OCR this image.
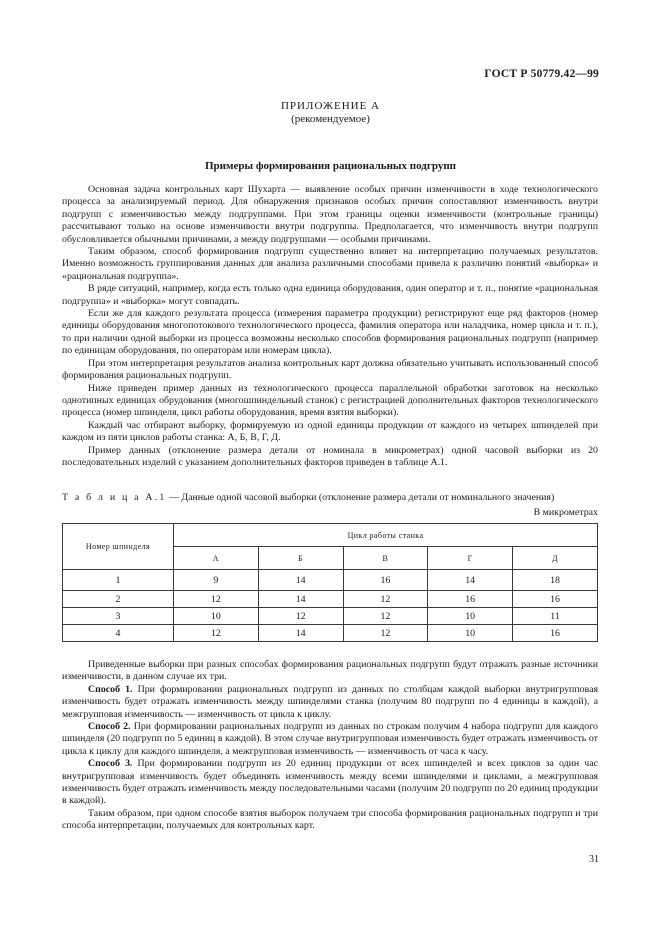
ГОСТ Р 50779.42—99
ПРИЛОЖЕНИЕ А
(рекомендуемое)
Примеры формирования рациональных подгрупп

Основная задача контрольных карт Шухарта — выявление особых причин изменчивости в ходе технологического процесса за анализируемый период. Для обнаружения признаков особых причин сопоставляют изменчивость внутри подгрупп с изменчивостью между подгруппами. При этом границы оценки изменчивости (контрольные границы) рассчитывают только на основе изменчивости внутри подгруппы. Предполагается, что изменчивость внутри подгрупп обусловливается обычными причинами, а между подгруппами — особыми причинами.

Таким образом, способ формирования подгрупп существенно влияет на интерпретацию получаемых результатов. Именно возможность группирования данных для анализа различными способами привела к различию понятий «выборка» и «рациональная подгруппа».

В ряде ситуаций, например, когда есть только одна единица оборудования, один оператор и т. п., понятие «рациональная подгруппа» и «выборка» могут совпадать.

Если же для каждого результата процесса (измерения параметра продукции) регистрируют еще ряд факторов (номер единицы оборудования многопотокового технологического процесса, фамилия оператора или наладчика, номер цикла и т. п.), то при наличии одной выборки из процесса возможны несколько способов формирования рациональных подгрупп (например по единицам оборудования, по операторам или номерам цикла).

При этом интерпретация результатов анализа контрольных карт должна обязательно учитывать использованный способ формирования рациональных подгрупп.

Ниже приведен пример данных из технологического процесса параллельной обработки заготовок на несколько однотипных единицах обрудования (многошпиндельный станок) с регистрацией дополнительных факторов технологического процесса (номер шпинделя, цикл работы оборудования, время взятия выборки).

Каждый час отбирают выборку, формируемую из одной единицы продукции от каждого из четырех шпинделей при каждом из пяти циклов работы станка: А, Б, В, Г, Д.

Пример данных (отклонение размера детали от номинала в микрометрах) одной часовой выборки из 20 последовательных изделий с указанием дополнительных факторов приведен в таблице А.1.

Т а б л и ц а А.1 — Данные одной часовой выборки (отклонение размера детали от номинального значения)
В микрометрах
Номер шпинделя	Цикл работы станка				
	А	Б	В	Г	Д
1	9	14	16	14	18
2	12	14	12	16	16
3	10	12	12	10	11
4	12	14	12	10	16

Приведенные выборки при разных способах формирования рациональных подгрупп будут отражать разные источники изменчивости, в данном случае их три.

Способ 1. При формировании рациональных подгрупп из данных по столбцам каждой выборки внутригрупповая изменчивость будет отражать изменчивость между шпинделями станка (получим 80 подгрупп по 4 единицы в каждой), а межгрупповая изменчивость — изменчивость от цикла к циклу.

Способ 2. При формировании рациональных подгрупп из данных по строкам получим 4 набора подгрупп для каждого шпинделя (20 подгрупп по 5 единиц в каждой). В этом случае внутригрупповая изменчивость будет отражать изменчивость от цикла к циклу для каждого шпинделя, а межгрупповая изменчивость — изменчивость от часа к часу.

Способ 3. При формировании подгрупп из 20 единиц продукции от всех шпинделей и всех циклов за один час внутригрупповая изменчивость будет объединять изменчивость между всеми шпинделями и циклами, а межгрупповая изменчивость будет отражать изменчивость между последовательными часами (получим 20 подгрупп по 20 единиц продукции в каждой).

Таким образом, при одном способе взятия выборок получаем три способа формирования рациональных подгрупп и три способа интерпретации, получаемых для контрольных карт.

31
